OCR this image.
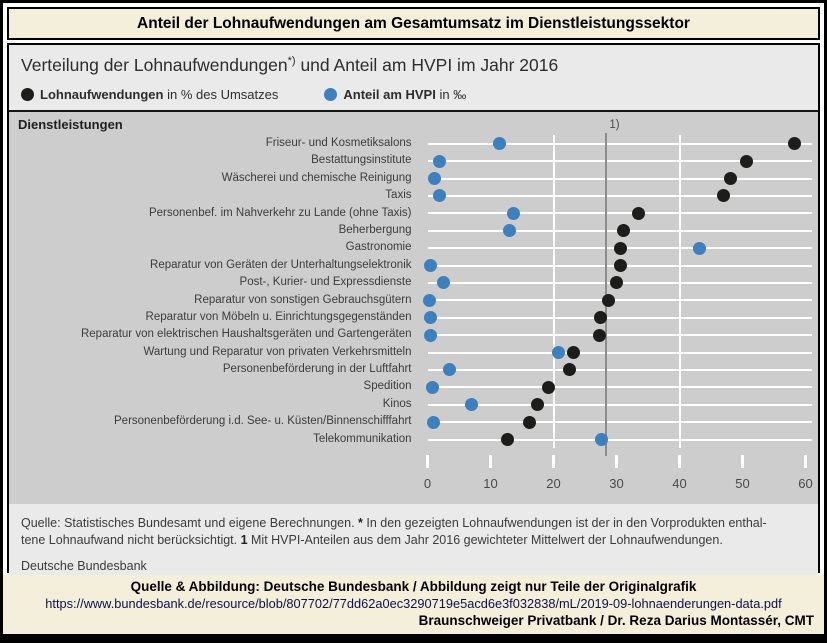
Anteil der Lohnaufwendungen am Gesamtumsatz im Dienstleistungssektor
Verteilung der Lohnaufwendungen*) und Anteil am HVPI im Jahr 2016
Lohnaufwendungen in % des Umsatzes	Anteil am HVPI in ‰
Dienstleistungen
Friseur- und Kosmetiksalons
Bestattungsinstitute
Wäscherei und chemische Reinigung
Taxis
Personenbef. im Nahverkehr zu Lande (ohne Taxis)
Beherbergung
Gastronomie
Reparatur von Geräten der Unterhaltungselektronik
Post-, Kurier- und Expressdienste
Reparatur von sonstigen Gebrauchsgütern
Reparatur von Möbeln u. Einrichtungsgegenständen
Reparatur von elektrischen Haushaltsgeräten und Gartengeräten
Wartung und Reparatur von privaten Verkehrsmitteln
Personenbeförderung in der Luftfahrt
Spedition
Kinos
Personenbeförderung i.d. See- u. Küsten/Binnenschifffahrt
Telekommunikation
1)
0	10	20	30	40	50	60
Quelle: Statistisches Bundesamt und eigene Berechnungen. * In den gezeigten Lohnaufwendungen ist der in den Vorprodukten enthal-
tene Lohnaufwand nicht berücksichtigt. 1 Mit HVPI-Anteilen aus dem Jahr 2016 gewichteter Mittelwert der Lohnaufwendungen.
Deutsche Bundesbank
Quelle & Abbildung: Deutsche Bundesbank / Abbildung zeigt nur Teile der Originalgrafik
https://www.bundesbank.de/resource/blob/807702/77dd62a0ec3290719e5acd6e3f032838/mL/2019-09-lohnaenderungen-data.pdf
Braunschweiger Privatbank / Dr. Reza Darius Montassér, CMT
